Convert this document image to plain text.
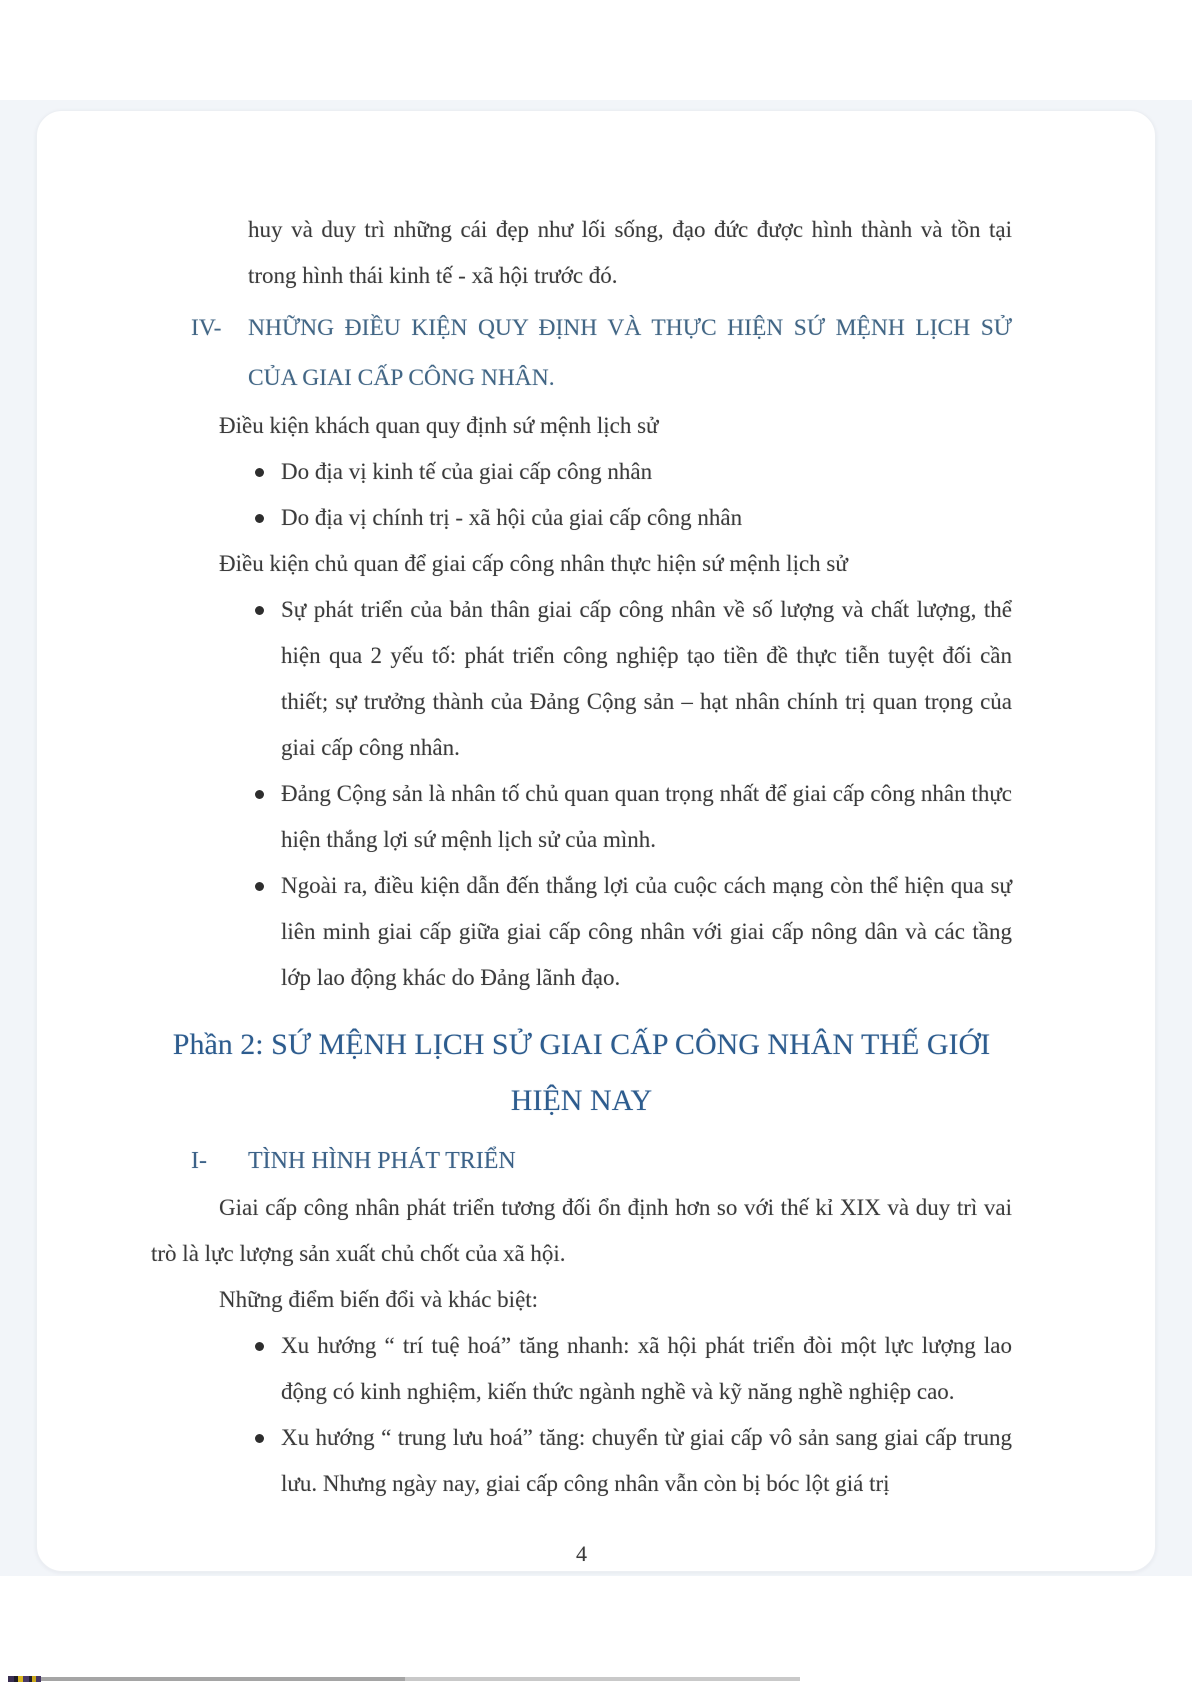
huy và duy trì những cái đẹp như lối sống, đạo đức được hình thành và tồn tại trong hình thái kinh tế - xã hội trước đó.

IV-	NHỮNG ĐIỀU KIỆN QUY ĐỊNH VÀ THỰC HIỆN SỨ MỆNH LỊCH SỬ CỦA GIAI CẤP CÔNG NHÂN.

Điều kiện khách quan quy định sứ mệnh lịch sử

Do địa vị kinh tế của giai cấp công nhân
Do địa vị chính trị - xã hội của giai cấp công nhân

Điều kiện chủ quan để giai cấp công nhân thực hiện sứ mệnh lịch sử

Sự phát triển của bản thân giai cấp công nhân về số lượng và chất lượng, thể hiện qua 2 yếu tố: phát triển công nghiệp tạo tiền đề thực tiễn tuyệt đối cần thiết; sự trưởng thành của Đảng Cộng sản – hạt nhân chính trị quan trọng của giai cấp công nhân.
Đảng Cộng sản là nhân tố chủ quan quan trọng nhất để giai cấp công nhân thực hiện thắng lợi sứ mệnh lịch sử của mình.
Ngoài ra, điều kiện dẫn đến thắng lợi của cuộc cách mạng còn thể hiện qua sự liên minh giai cấp giữa giai cấp công nhân với giai cấp nông dân và các tầng lớp lao động khác do Đảng lãnh đạo.
Phần 2: SỨ MỆNH LỊCH SỬ GIAI CẤP CÔNG NHÂN THẾ GIỚI
HIỆN NAY
I-	TÌNH HÌNH PHÁT TRIỂN

Giai cấp công nhân phát triển tương đối ổn định hơn so với thế kỉ XIX và duy trì vai trò là lực lượng sản xuất chủ chốt của xã hội.

Những điểm biến đổi và khác biệt:

Xu hướng “ trí tuệ hoá” tăng nhanh: xã hội phát triển đòi một lực lượng lao động có kinh nghiệm, kiến thức ngành nghề và kỹ năng nghề nghiệp cao.
Xu hướng “ trung lưu hoá” tăng: chuyển từ giai cấp vô sản sang giai cấp trung lưu. Nhưng ngày nay, giai cấp công nhân vẫn còn bị bóc lột giá trị
4
